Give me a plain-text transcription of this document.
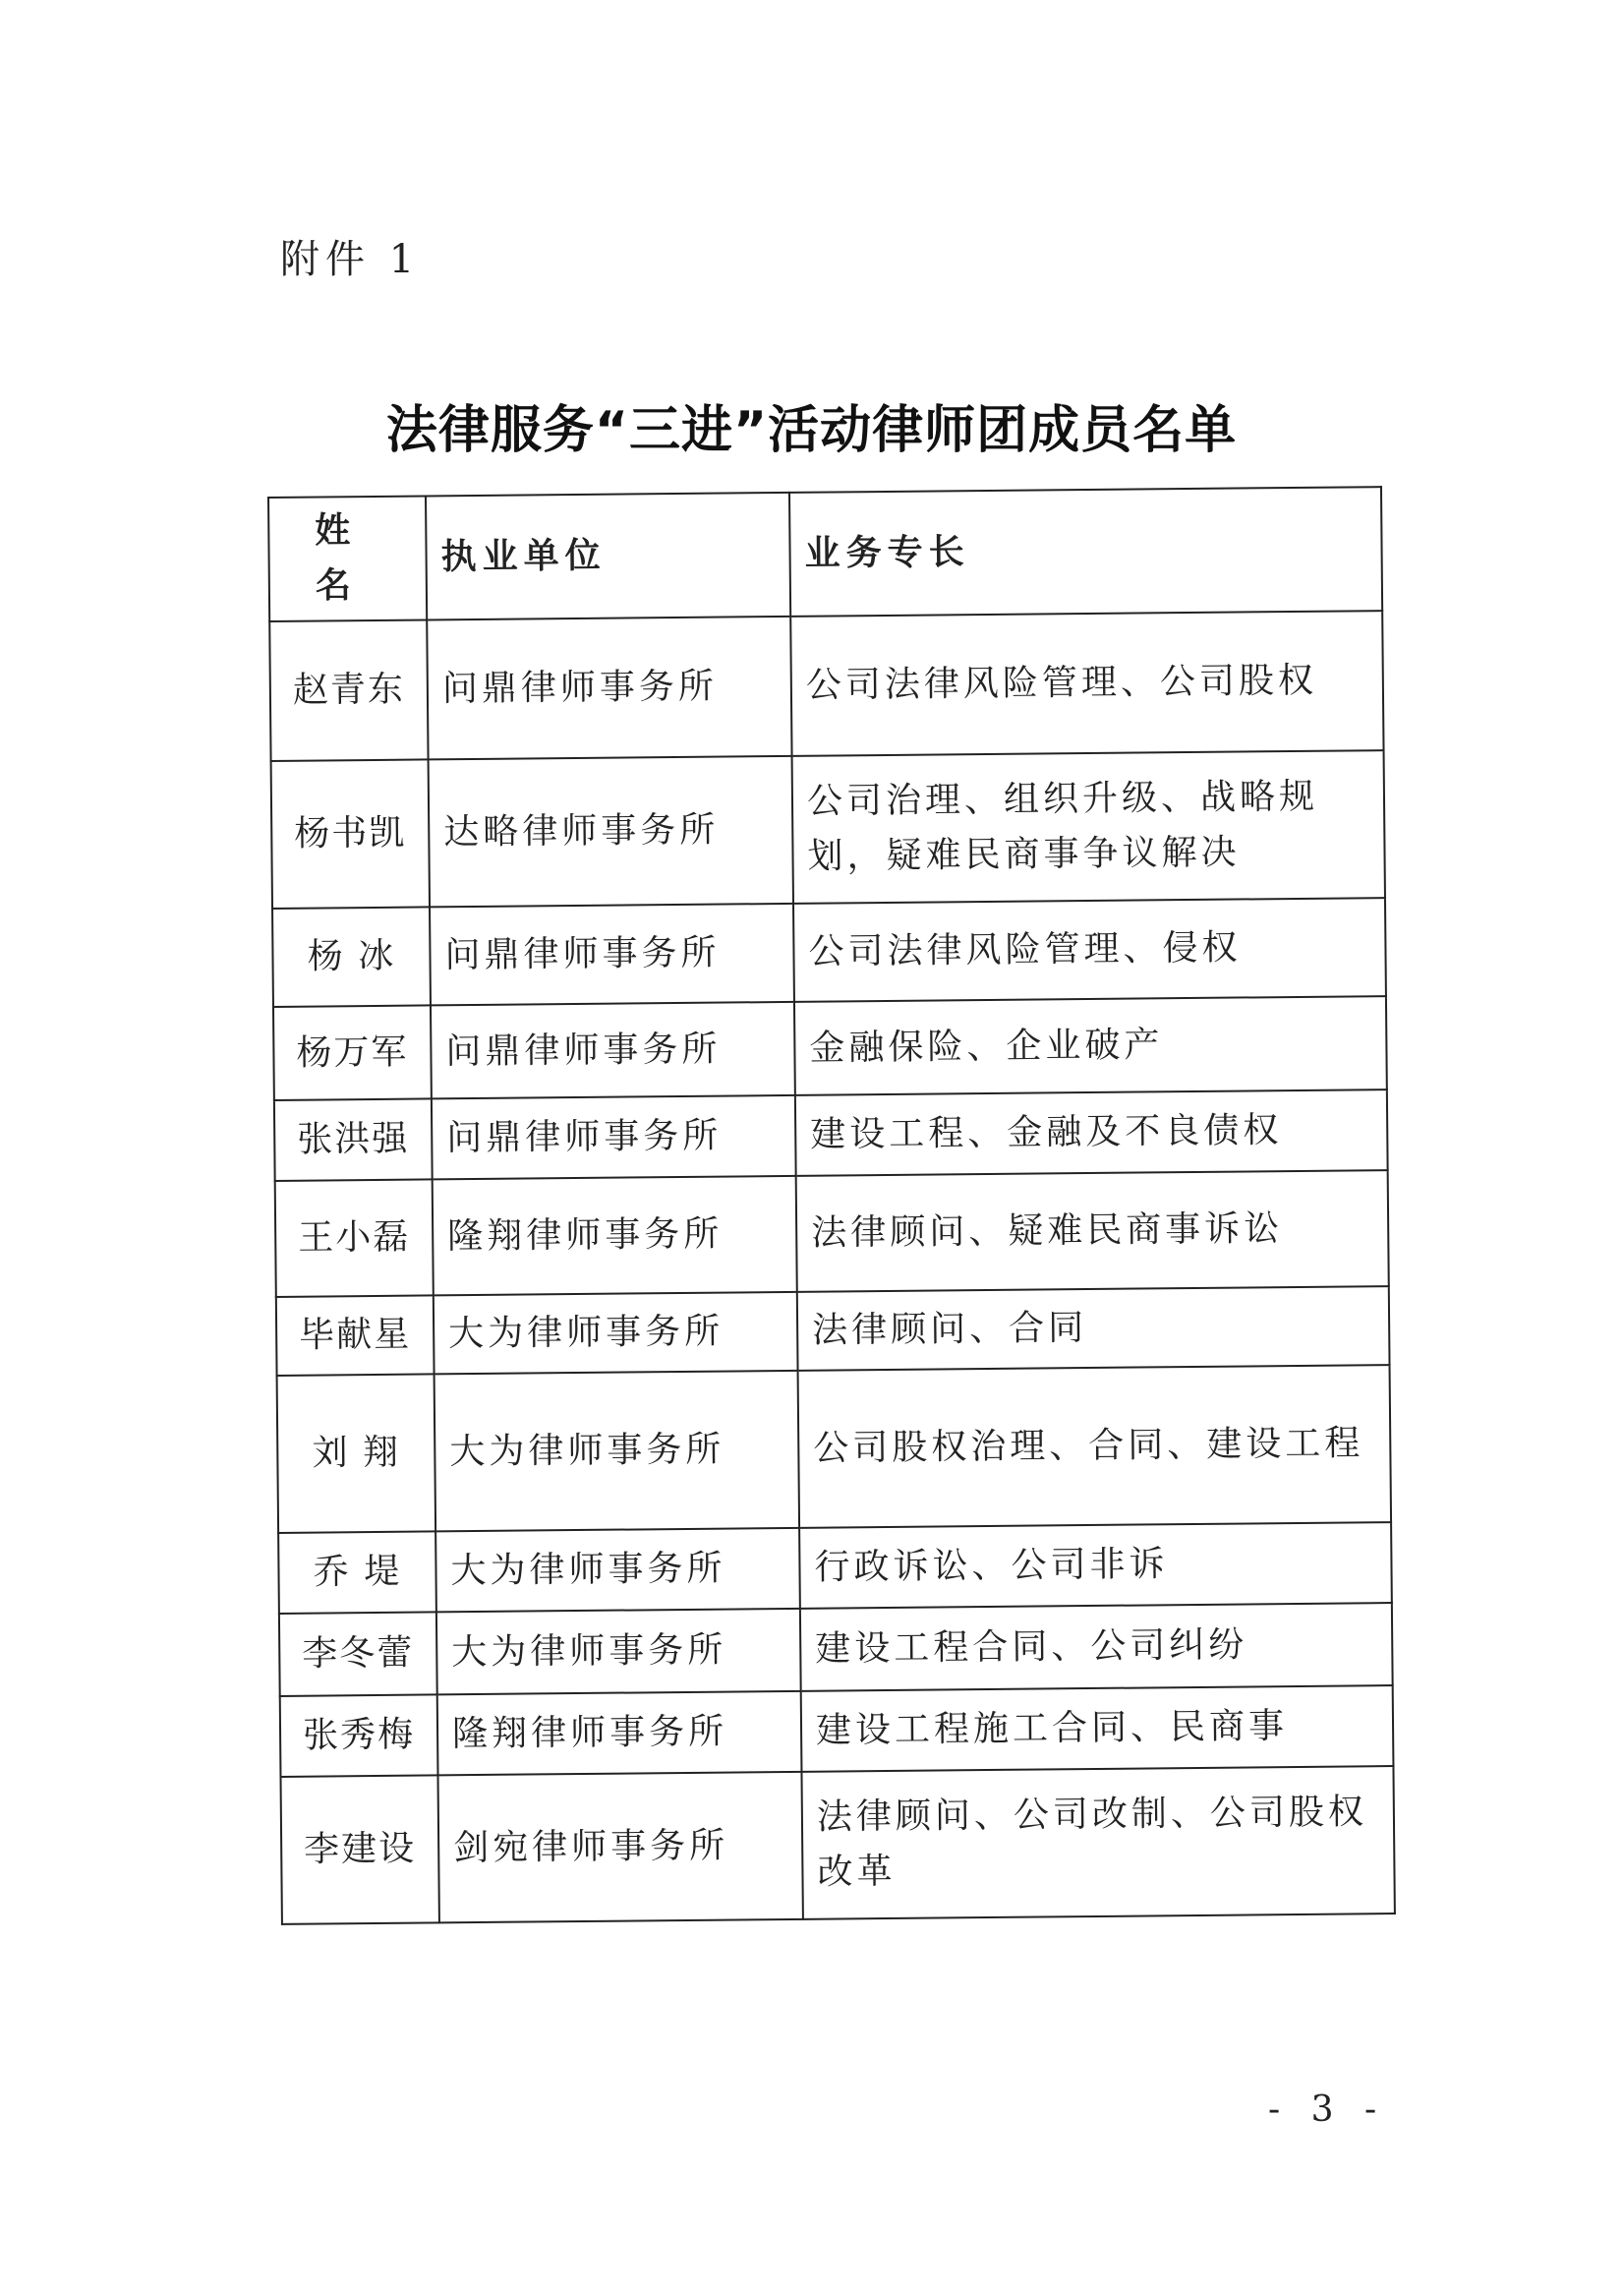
附件 1
法律服务“三进”活动律师团成员名单
姓 名	执业单位	业务专长
赵青东	问鼎律师事务所	公司法律风险管理、公司股权
杨书凯	达略律师事务所	公司治理、组织升级、战略规划，疑难民商事争议解决
杨 冰	问鼎律师事务所	公司法律风险管理、侵权
杨万军	问鼎律师事务所	金融保险、企业破产
张洪强	问鼎律师事务所	建设工程、金融及不良债权
王小磊	隆翔律师事务所	法律顾问、疑难民商事诉讼
毕献星	大为律师事务所	法律顾问、合同
刘 翔	大为律师事务所	公司股权治理、合同、建设工程
乔 堤	大为律师事务所	行政诉讼、公司非诉
李冬蕾	大为律师事务所	建设工程合同、公司纠纷
张秀梅	隆翔律师事务所	建设工程施工合同、民商事
李建设	剑宛律师事务所	法律顾问、公司改制、公司股权改革
- 3 -
